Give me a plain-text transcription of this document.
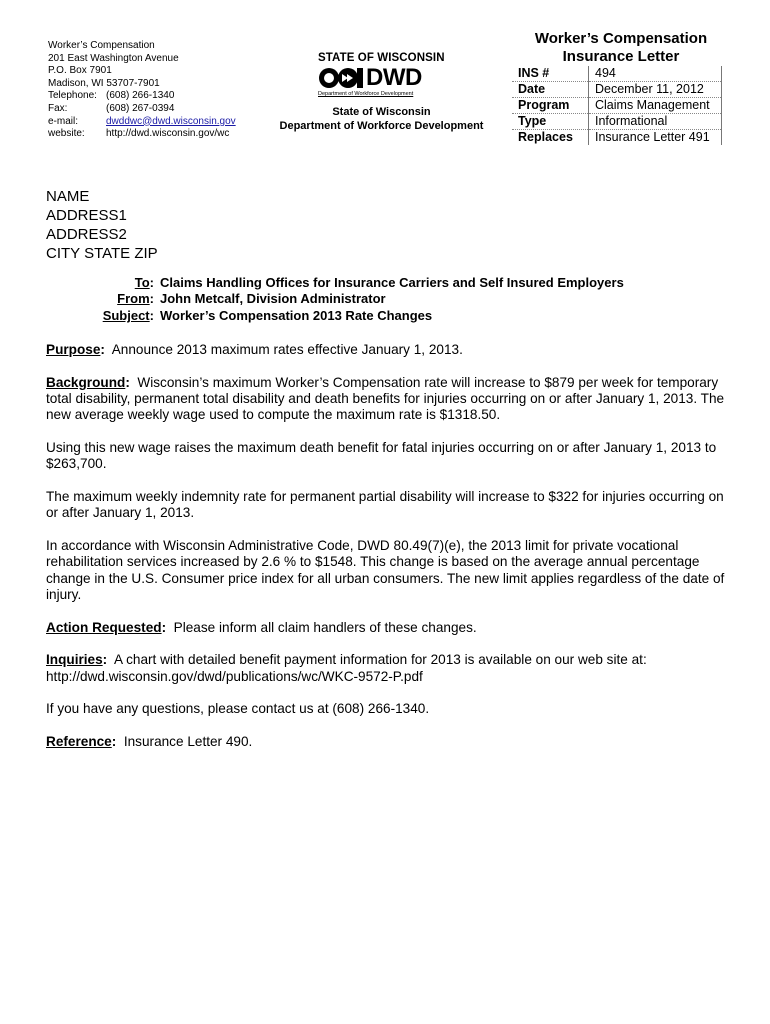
Worker’s Compensation
201 East Washington Avenue
P.O. Box 7901
Madison, WI 53707-7901
Telephone: (608) 266-1340
Fax:	(608) 267-0394
e-mail:	dwddwc@dwd.wisconsin.gov
website: http://dwd.wisconsin.gov/wc
STATE OF WISCONSIN
DWD
Department of Workforce Development
State of Wisconsin
Department of Workforce Development
Worker’s Compensation
Insurance Letter
INS #	494
Date	December 11, 2012
Program	Claims Management
Type	Informational
Replaces	Insurance Letter 491
NAME
ADDRESS1
ADDRESS2
CITY STATE ZIP
To: Claims Handling Offices for Insurance Carriers and Self Insured Employers
From: John Metcalf, Division Administrator
Subject: Worker’s Compensation 2013 Rate Changes

Purpose: Announce 2013 maximum rates effective January 1, 2013.

Background: Wisconsin’s maximum Worker’s Compensation rate will increase to $879 per week for temporary total disability, permanent total disability and death benefits for injuries occurring on or after January 1, 2013. The new average weekly wage used to compute the maximum rate is $1318.50.

Using this new wage raises the maximum death benefit for fatal injuries occurring on or after January 1, 2013 to $263,700.

The maximum weekly indemnity rate for permanent partial disability will increase to $322 for injuries occurring on or after January 1, 2013.

In accordance with Wisconsin Administrative Code, DWD 80.49(7)(e), the 2013 limit for private vocational rehabilitation services increased by 2.6 % to $1548. This change is based on the average annual percentage change in the U.S. Consumer price index for all urban consumers. The new limit applies regardless of the date of injury.

Action Requested: Please inform all claim handlers of these changes.

Inquiries: A chart with detailed benefit payment information for 2013 is available on our web site at:
http://dwd.wisconsin.gov/dwd/publications/wc/WKC-9572-P.pdf

If you have any questions, please contact us at (608) 266-1340.

Reference: Insurance Letter 490.
